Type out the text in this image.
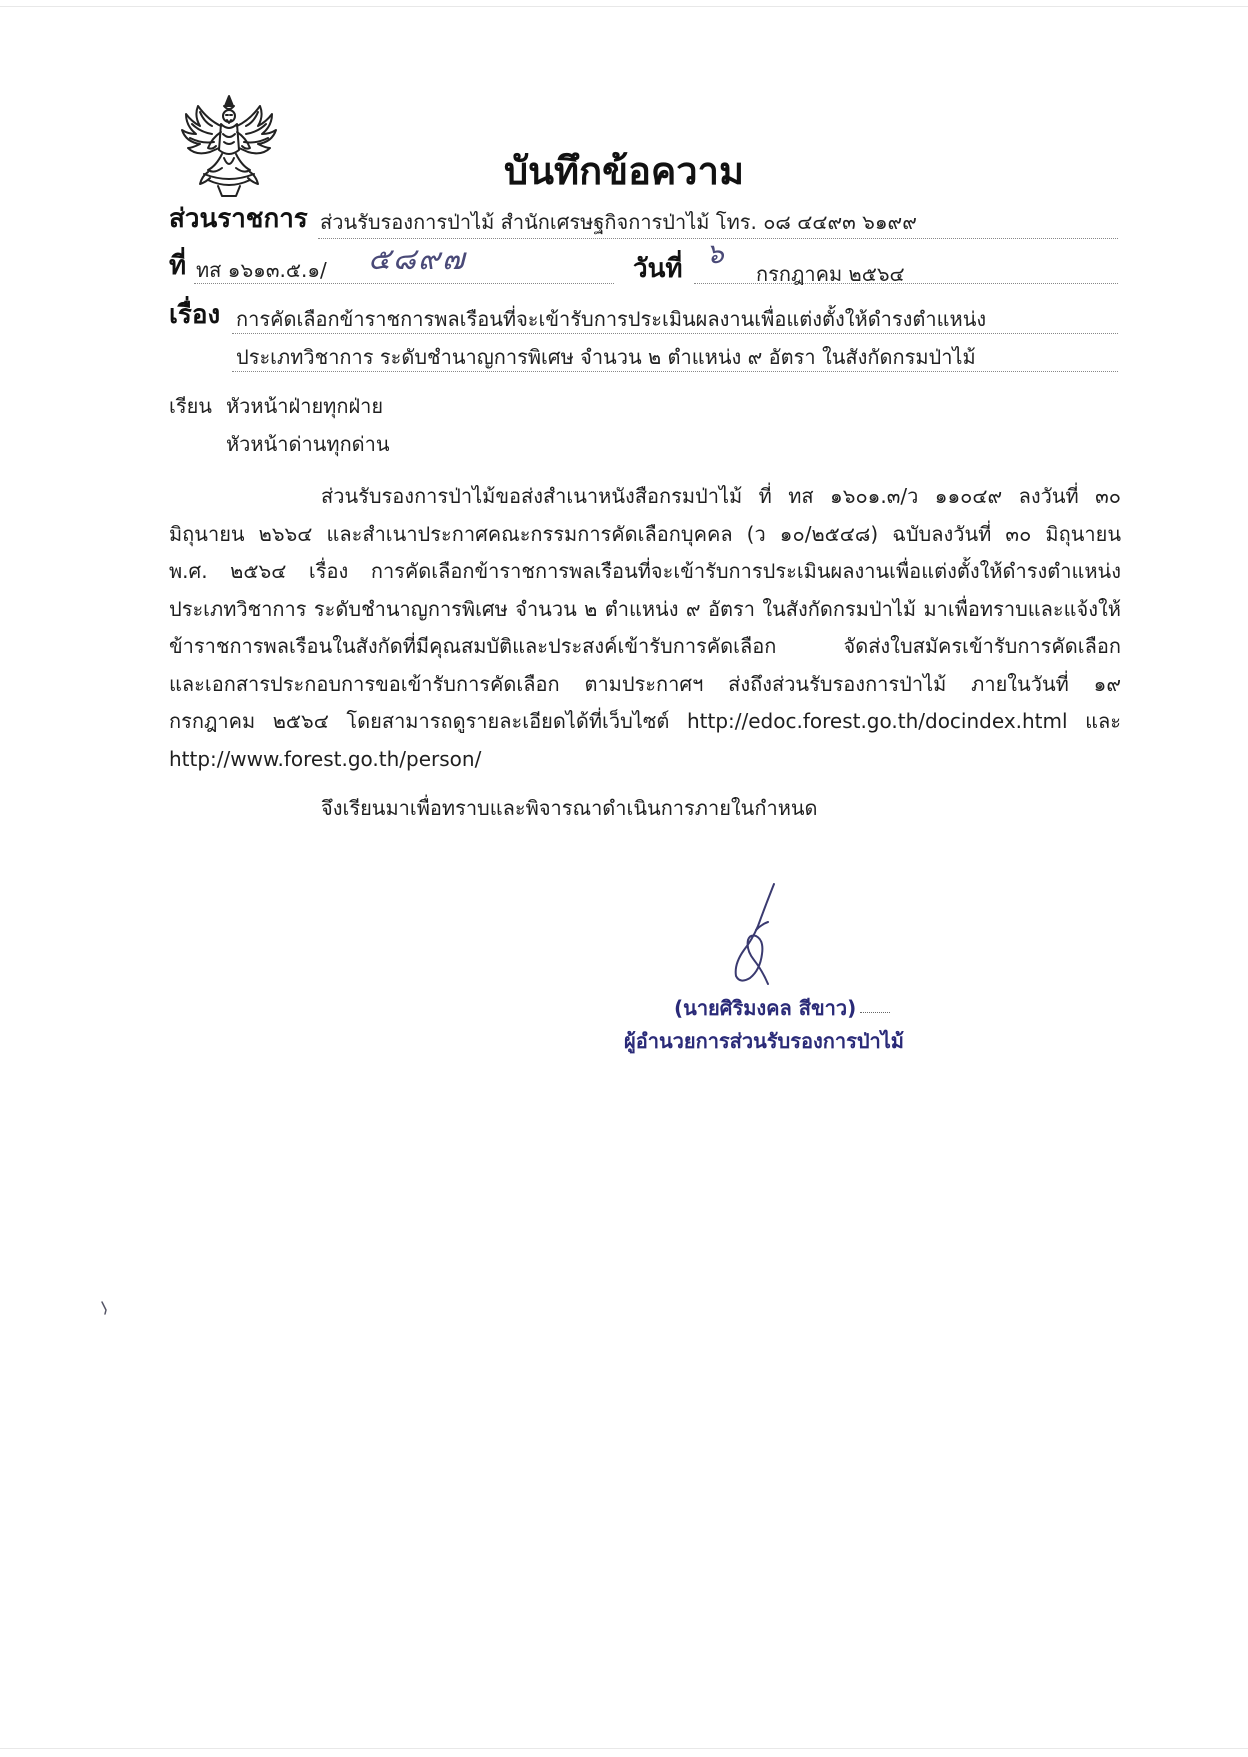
บันทึกข้อความ
ส่วนราชการ ส่วนรับรองการป่าไม้ สำนักเศรษฐกิจการป่าไม้ โทร. ๐๘ ๔๔๙๓ ๖๑๙๙
ที่ ทส ๑๖๑๓.๕.๑/ ๕๘๙๗	วันที่ ๖
กรกฎาคม ๒๕๖๔
เรื่อง การคัดเลือกข้าราชการพลเรือนที่จะเข้ารับการประเมินผลงานเพื่อแต่งตั้งให้ดำรงตำแหน่ง
ประเภทวิชาการ ระดับชำนาญการพิเศษ จำนวน ๒ ตำแหน่ง ๙ อัตรา ในสังกัดกรมป่าไม้
เรียน หัวหน้าฝ่ายทุกฝ่าย
หัวหน้าด่านทุกด่าน
ส่วนรับรองการป่าไม้ขอส่งสำเนาหนังสือกรมป่าไม้ ที่ ทส ๑๖๐๑.๓/ว ๑๑๐๔๙ ลงวันที่ ๓๐
มิถุนายน ๒๖๖๔ และสำเนาประกาศคณะกรรมการคัดเลือกบุคคล (ว ๑๐/๒๕๔๘) ฉบับลงวันที่ ๓๐ มิถุนายน
พ.ศ. ๒๕๖๔ เรื่อง การคัดเลือกข้าราชการพลเรือนที่จะเข้ารับการประเมินผลงานเพื่อแต่งตั้งให้ดำรงตำแหน่ง
ประเภทวิชาการ ระดับชำนาญการพิเศษ จำนวน ๒ ตำแหน่ง ๙ อัตรา ในสังกัดกรมป่าไม้ มาเพื่อทราบและแจ้งให้
ข้าราชการพลเรือนในสังกัดที่มีคุณสมบัติและประสงค์เข้ารับการคัดเลือก จัดส่งใบสมัครเข้ารับการคัดเลือก
และเอกสารประกอบการขอเข้ารับการคัดเลือก ตามประกาศฯ ส่งถึงส่วนรับรองการป่าไม้ ภายในวันที่ ๑๙
กรกฎาคม ๒๕๖๔ โดยสามารถดูรายละเอียดได้ที่เว็บไซต์ http://edoc.forest.go.th/docindex.html และ
http://www.forest.go.th/person/
จึงเรียนมาเพื่อทราบและพิจารณาดำเนินการภายในกำหนด
(นายศิริมงคล สีขาว)
ผู้อำนวยการส่วนรับรองการป่าไม้
